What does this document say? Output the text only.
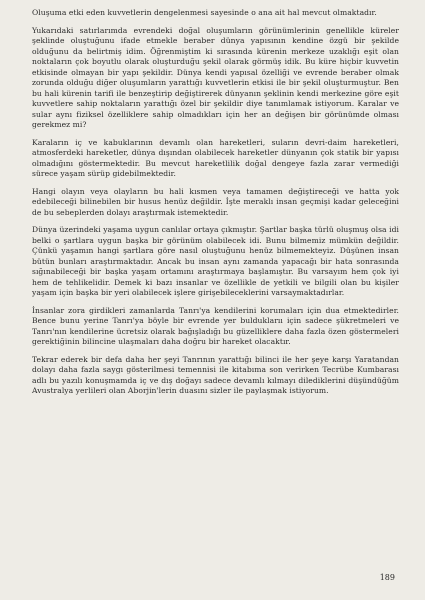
Oluşuma etki eden kuvvetlerin dengelenmesi sayesinde o ana ait hal mevcut olmaktadır.

Yukarıdaki satırlarımda evrendeki doğal oluşumların görünümlerinin genellikle küreler şeklinde oluştuğunu ifade etmekle beraber dünya yapısının kendine özgü bir şekilde olduğunu da belirtmiş idim. Öğrenmiştim ki sırasında kürenin merkeze uzaklığı eşit olan noktaların çok boyutlu olarak oluşturduğu şekil olarak görmüş idik. Bu küre hiçbir kuvvetin etkisinde olmayan bir yapı şekildir. Dünya kendi yapısal özelliği ve evrende beraber olmak zorunda olduğu diğer oluşumların yarattığı kuvvetlerin etkisi ile bir şekil oluşturmuştur. Ben bu hali kürenin tarifi ile benzeştirip değiştirerek dünyanın şeklinin kendi merkezine göre eşit kuvvetlere sahip noktaların yarattığı özel bir şekildir diye tanımlamak istiyorum. Karalar ve sular aynı fiziksel özelliklere sahip olmadıkları için her an değişen bir görünümde olması gerekmez mi?

Karaların iç ve kabuklarının devamlı olan hareketleri, suların devri-daim hareketleri, atmosferdeki hareketler, dünya dışından olabilecek hareketler dünyanın çok statik bir yapısı olmadığını göstermektedir. Bu mevcut hareketlilik doğal dengeye fazla zarar vermediği sürece yaşam sürüp gidebilmektedir.

Hangi olayın veya olayların bu hali kısmen veya tamamen değiştireceği ve hatta yok edebileceği bilinebilen bir husus henüz değildir. İşte meraklı insan geçmişi kadar geleceğini de bu sebeplerden dolayı araştırmak istemektedir.

Dünya üzerindeki yaşama uygun canlılar ortaya çıkmıştır. Şartlar başka türlü oluşmuş olsa idi belki o şartlara uygun başka bir görünüm olabilecek idi. Bunu bilmemiz mümkün değildir. Çünkü yaşamın hangi şartlara göre nasıl oluştuğunu henüz bilmemekteyiz. Düşünen insan bütün bunları araştırmaktadır. Ancak bu insan aynı zamanda yapacağı bir hata sonrasında sığınabileceği bir başka yaşam ortamını araştırmaya başlamıştır. Bu varsayım hem çok iyi hem de tehlikelidir. Demek ki bazı insanlar ve özellikle de yetkili ve bilgili olan bu kişiler yaşam için başka bir yeri olabilecek işlere girişebileceklerini varsaymaktadırlar.

İnsanlar zora girdikleri zamanlarda Tanrı'ya kendilerini korumaları için dua etmektedirler. Bence bunu yerine Tanrı'ya böyle bir evrende yer bulduklarıı için sadece şükretmeleri ve Tanrı'nın kendilerine ücretsiz olarak bağışladığı bu güzelliklere daha fazla özen göstermeleri gerektiğinin bilincine ulaşmaları daha doğru bir hareket olacaktır.

Tekrar ederek bir defa daha her şeyi Tanrının yarattığı bilinci ile her şeye karşı Yaratandan dolayı daha fazla saygı gösterilmesi temennisi ile kitabıma son verirken Tecrübe Kumbarası adlı bu yazılı konuşmamda iç ve dış doğayı sadece devamlı kılmayı dilediklerini düşündüğüm Avustralya yerlileri olan Aborjin'lerin duasını sizler ile paylaşmak istiyorum.

189
